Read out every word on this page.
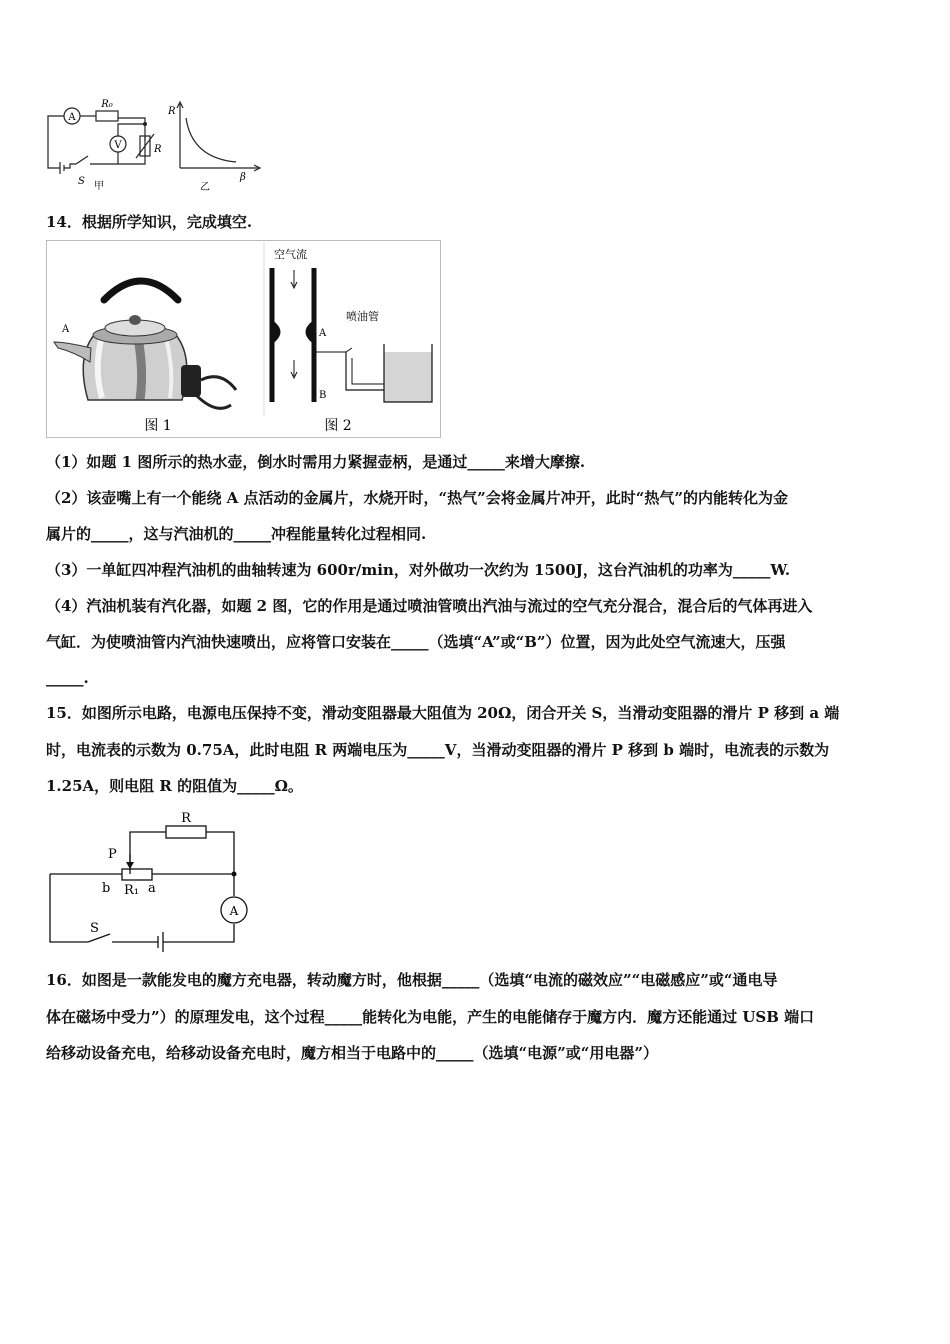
A
R₀
V	R
S 甲
R
β
乙
14．根据所学知识，完成填空.
A
图 1
空气流
喷油管
A
B
图 2
（1）如题 1 图所示的热水壶，倒水时需用力紧握壶柄，是通过_____来增大摩擦.
（2）该壶嘴上有一个能绕 A 点活动的金属片，水烧开时，“热气”会将金属片冲开，此时“热气”的内能转化为金
属片的_____，这与汽油机的_____冲程能量转化过程相同.
（3）一单缸四冲程汽油机的曲轴转速为 600r/min，对外做功一次约为 1500J，这台汽油机的功率为_____W.
（4）汽油机装有汽化器，如题 2 图，它的作用是通过喷油管喷出汽油与流过的空气充分混合，混合后的气体再进入
气缸．为使喷油管内汽油快速喷出，应将管口安装在_____（选填“A”或“B”）位置，因为此处空气流速大，压强
_____.
15．如图所示电路，电源电压保持不变，滑动变阻器最大阻值为 20Ω，闭合开关 S，当滑动变阻器的滑片 P 移到 a 端
时，电流表的示数为 0.75A，此时电阻 R 两端电压为_____V，当滑动变阻器的滑片 P 移到 b 端时，电流表的示数为
1.25A，则电阻 R 的阻值为_____Ω。
R
P
b R₁ a
A
S
16．如图是一款能发电的魔方充电器，转动魔方时，他根据_____（选填“电流的磁效应”“电磁感应”或“通电导
体在磁场中受力”）的原理发电，这个过程_____能转化为电能，产生的电能储存于魔方内．魔方还能通过 USB 端口
给移动设备充电，给移动设备充电时，魔方相当于电路中的_____（选填“电源”或“用电器”）
